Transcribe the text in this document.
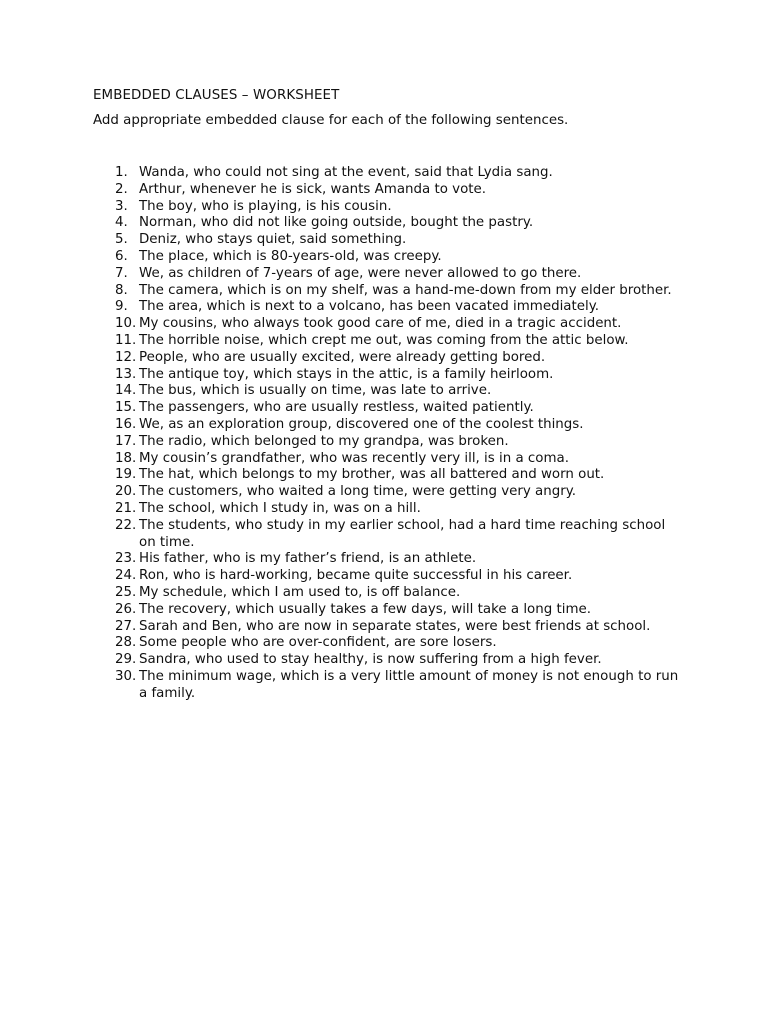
EMBEDDED CLAUSES – WORKSHEET
Add appropriate embedded clause for each of the following sentences.
1. Wanda, who could not sing at the event, said that Lydia sang.
2. Arthur, whenever he is sick, wants Amanda to vote.
3. The boy, who is playing, is his cousin.
4. Norman, who did not like going outside, bought the pastry.
5. Deniz, who stays quiet, said something.
6. The place, which is 80-years-old, was creepy.
7. We, as children of 7-years of age, were never allowed to go there.
8. The camera, which is on my shelf, was a hand-me-down from my elder brother.
9. The area, which is next to a volcano, has been vacated immediately.
10. My cousins, who always took good care of me, died in a tragic accident.
11. The horrible noise, which crept me out, was coming from the attic below.
12. People, who are usually excited, were already getting bored.
13. The antique toy, which stays in the attic, is a family heirloom.
14. The bus, which is usually on time, was late to arrive.
15. The passengers, who are usually restless, waited patiently.
16. We, as an exploration group, discovered one of the coolest things.
17. The radio, which belonged to my grandpa, was broken.
18. My cousin’s grandfather, who was recently very ill, is in a coma.
19. The hat, which belongs to my brother, was all battered and worn out.
20. The customers, who waited a long time, were getting very angry.
21. The school, which I study in, was on a hill.
22. The students, who study in my earlier school, had a hard time reaching school on time.
23. His father, who is my father’s friend, is an athlete.
24. Ron, who is hard-working, became quite successful in his career.
25. My schedule, which I am used to, is off balance.
26. The recovery, which usually takes a few days, will take a long time.
27. Sarah and Ben, who are now in separate states, were best friends at school.
28. Some people who are over-confident, are sore losers.
29. Sandra, who used to stay healthy, is now suffering from a high fever.
30. The minimum wage, which is a very little amount of money is not enough to run a family.
